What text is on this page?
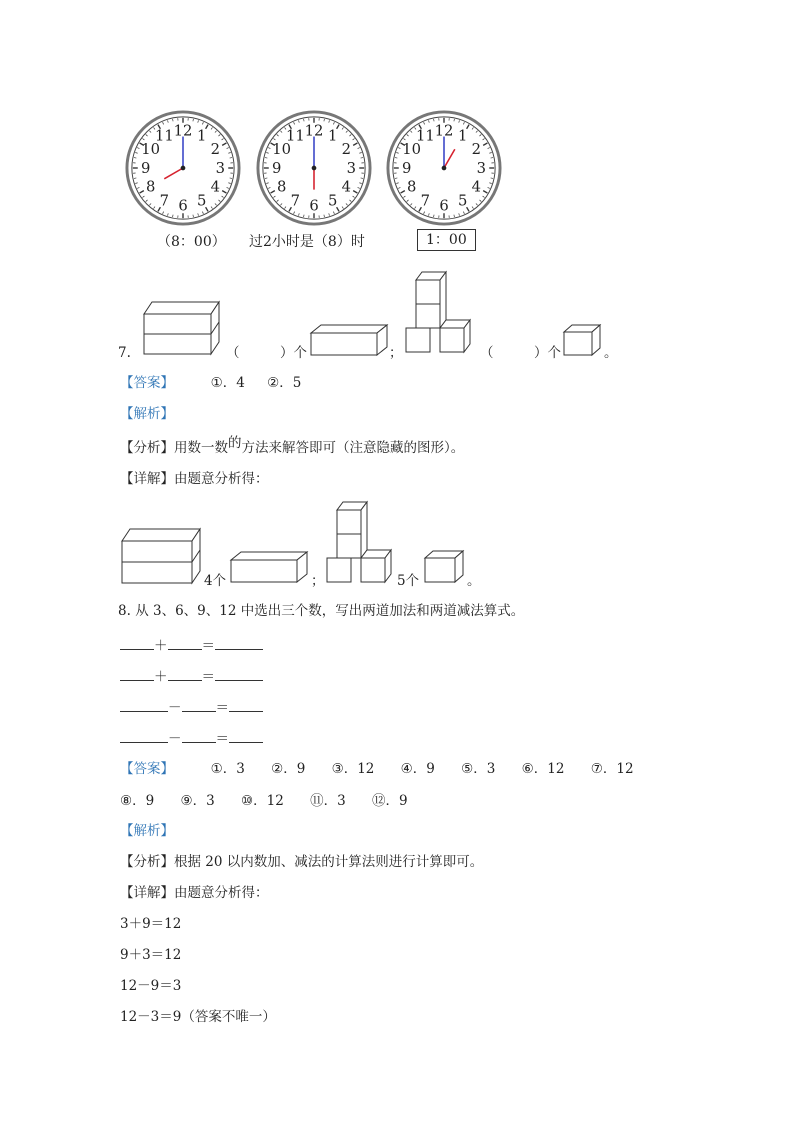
12 1
2
3
4
5
6
7
8
9
10
11	12 1
2
3
4
5
6
7
8
9
10
11	12 1
2
3
4
5
6
7
8
9
10
11
（8：00） 过2小时是（8）时	1：00
7.	（	）个	；	（	）个	。
【答案】	①．4 ②．5
【解析】
【分析】用数一数的方法来解答即可（注意隐藏的图形）。
【详解】由题意分析得：
4个	；	5个	。
8. 从 3、6、9、12 中选出三个数，写出两道加法和两道减法算式。
＋	＝
＋	＝
－	＝
－	＝
【答案】	①．3 ②．9 ③．12 ④．9 ⑤．3 ⑥．12 ⑦．12
⑧．9 ⑨．3 ⑩．12 ⑪．3 ⑫．9
【解析】
【分析】根据 20 以内数加、减法的计算法则进行计算即可。
【详解】由题意分析得：
3＋9＝12
9＋3＝12
12－9＝3
12－3＝9（答案不唯一）
